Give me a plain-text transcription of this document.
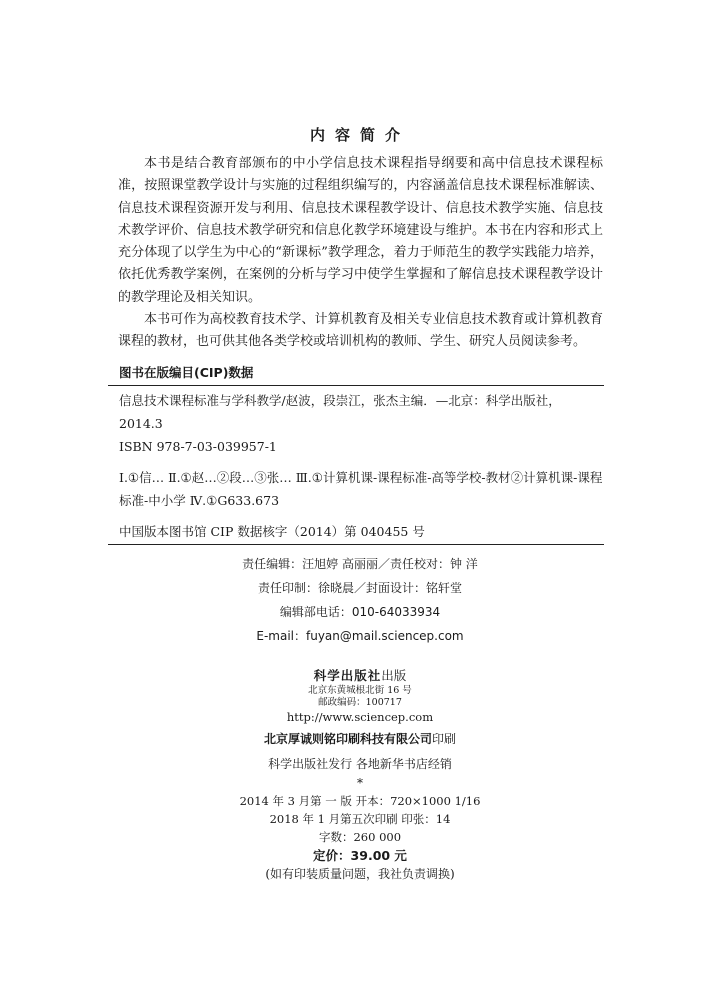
内容简介

本书是结合教育部颁布的中小学信息技术课程指导纲要和高中信息技术课程标准，按照课堂教学设计与实施的过程组织编写的，内容涵盖信息技术课程标准解读、信息技术课程资源开发与利用、信息技术课程教学设计、信息技术教学实施、信息技术教学评价、信息技术教学研究和信息化教学环境建设与维护。本书在内容和形式上充分体现了以学生为中心的“新课标”教学理念，着力于师范生的教学实践能力培养，依托优秀教学案例，在案例的分析与学习中使学生掌握和了解信息技术课程教学设计的教学理论及相关知识。

本书可作为高校教育技术学、计算机教育及相关专业信息技术教育或计算机教育课程的教材，也可供其他各类学校或培训机构的教师、学生、研究人员阅读参考。

图书在版编目(CIP)数据

信息技术课程标准与学科教学/赵波，段崇江，张杰主编．—北京：科学出版社，2014.3

ISBN 978-7-03-039957-1

Ⅰ.①信… Ⅱ.①赵…②段…③张… Ⅲ.①计算机课-课程标准-高等学校-教材②计算机课-课程标准-中小学 Ⅳ.①G633.673

中国版本图书馆 CIP 数据核字（2014）第 040455 号

责任编辑：汪旭婷 高丽丽／责任校对：钟 洋
责任印制：徐晓晨／封面设计：铭轩堂
编辑部电话：010-64033934
E-mail：fuyan@mail.sciencep.com
科学出版社出版
北京东黄城根北街 16 号
邮政编码：100717
http://www.sciencep.com
北京厚诚则铭印刷科技有限公司印刷
科学出版社发行 各地新华书店经销
*
2014 年 3 月第 一 版 开本：720×1000 1/16
2018 年 1 月第五次印刷 印张：14
字数：260 000
定价：39.00 元
(如有印装质量问题，我社负责调换)
